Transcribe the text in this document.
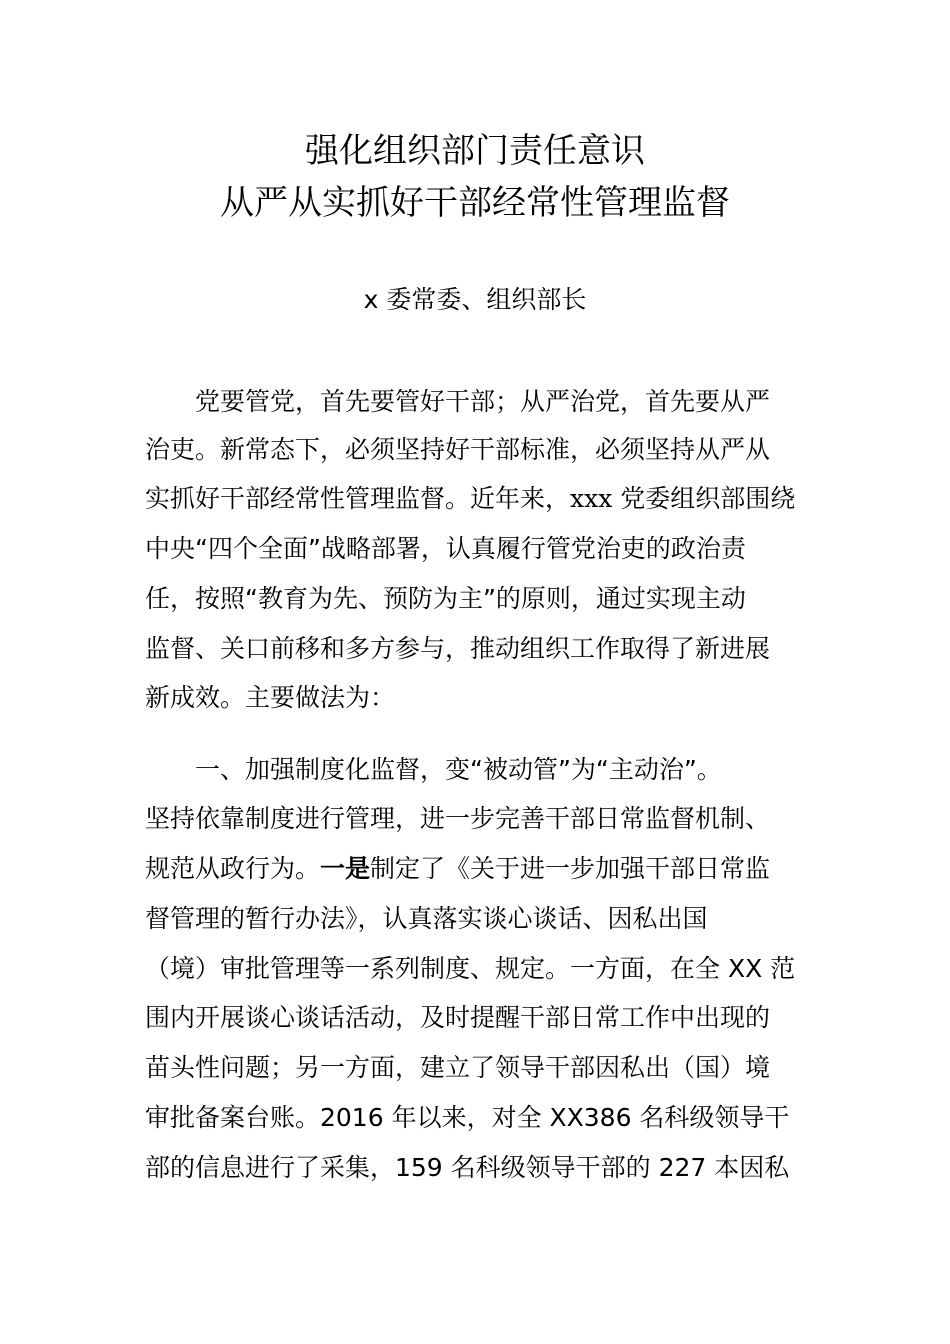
强化组织部门责任意识
从严从实抓好干部经常性管理监督
x 委常委、组织部长
党要管党，首先要管好干部；从严治党，首先要从严
治吏。新常态下，必须坚持好干部标准，必须坚持从严从
实抓好干部经常性管理监督。近年来，xxx 党委组织部围绕
中央“四个全面”战略部署，认真履行管党治吏的政治责
任，按照“教育为先、预防为主”的原则，通过实现主动
监督、关口前移和多方参与，推动组织工作取得了新进展
新成效。主要做法为：
一、加强制度化监督，变“被动管”为“主动治”。
坚持依靠制度进行管理，进一步完善干部日常监督机制、
规范从政行为。一是制定了《关于进一步加强干部日常监
督管理的暂行办法》，认真落实谈心谈话、因私出国
（境）审批管理等一系列制度、规定。一方面，在全 XX 范
围内开展谈心谈话活动，及时提醒干部日常工作中出现的
苗头性问题；另一方面，建立了领导干部因私出（国）境
审批备案台账。2016 年以来，对全 XX386 名科级领导干
部的信息进行了采集，159 名科级领导干部的 227 本因私
